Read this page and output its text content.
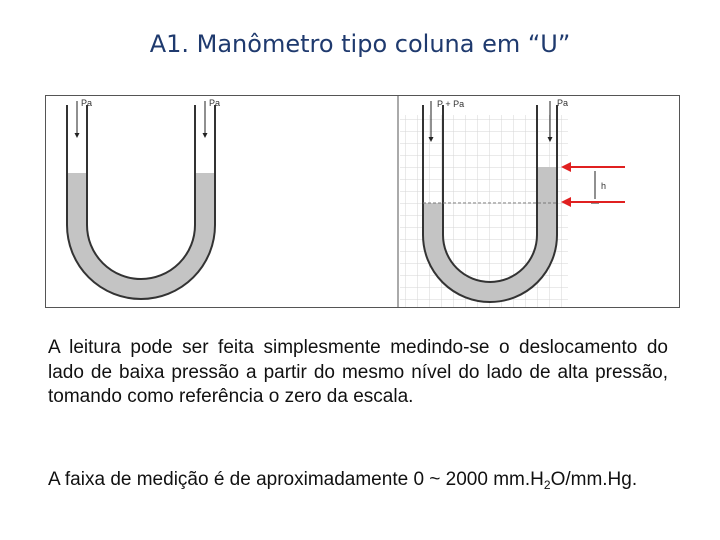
A1. Manômetro tipo coluna em “U”
Pa	Pa	P + Pa	Pa
h

A leitura pode ser feita simplesmente medindo-se o deslocamento do lado de baixa pressão a partir do mesmo nível do lado de alta pressão, tomando como referência o zero da escala.

A faixa de medição é de aproximadamente 0 ~ 2000 $mm.H_2O/mm.Hg$.
